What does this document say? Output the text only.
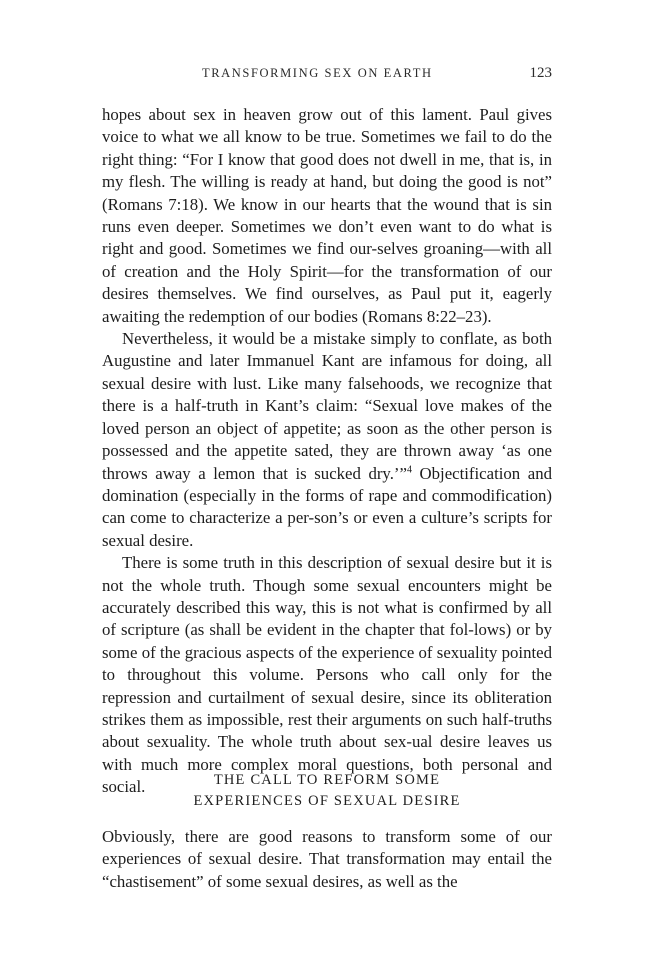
TRANSFORMING SEX ON EARTH	123

hopes about sex in heaven grow out of this lament. Paul gives voice to what we all know to be true. Sometimes we fail to do the right thing: “For I know that good does not dwell in me, that is, in my flesh. The willing is ready at hand, but doing the good is not” (Romans 7:18). We know in our hearts that the wound that is sin runs even deeper. Sometimes we don’t even want to do what is right and good. Sometimes we find our-selves groaning—with all of creation and the Holy Spirit—for the transformation of our desires themselves. We find ourselves, as Paul put it, eagerly awaiting the redemption of our bodies (Romans 8:22–23).

Nevertheless, it would be a mistake simply to conflate, as both Augustine and later Immanuel Kant are infamous for doing, all sexual desire with lust. Like many falsehoods, we recognize that there is a half-truth in Kant’s claim: “Sexual love makes of the loved person an object of appetite; as soon as the other person is possessed and the appetite sated, they are thrown away ‘as one throws away a lemon that is sucked dry.’”$^4$ Objectification and domination (especially in the forms of rape and commodification) can come to characterize a per-son’s or even a culture’s scripts for sexual desire.

There is some truth in this description of sexual desire but it is not the whole truth. Though some sexual encounters might be accurately described this way, this is not what is confirmed by all of scripture (as shall be evident in the chapter that fol-lows) or by some of the gracious aspects of the experience of sexuality pointed to throughout this volume. Persons who call only for the repression and curtailment of sexual desire, since its obliteration strikes them as impossible, rest their arguments on such half-truths about sexuality. The whole truth about sex-ual desire leaves us with much more complex moral questions, both personal and social.	THE CALL TO REFORM SOME
EXPERIENCES OF SEXUAL DESIRE

Obviously, there are good reasons to transform some of our experiences of sexual desire. That transformation may entail the “chastisement” of some sexual desires, as well as the
